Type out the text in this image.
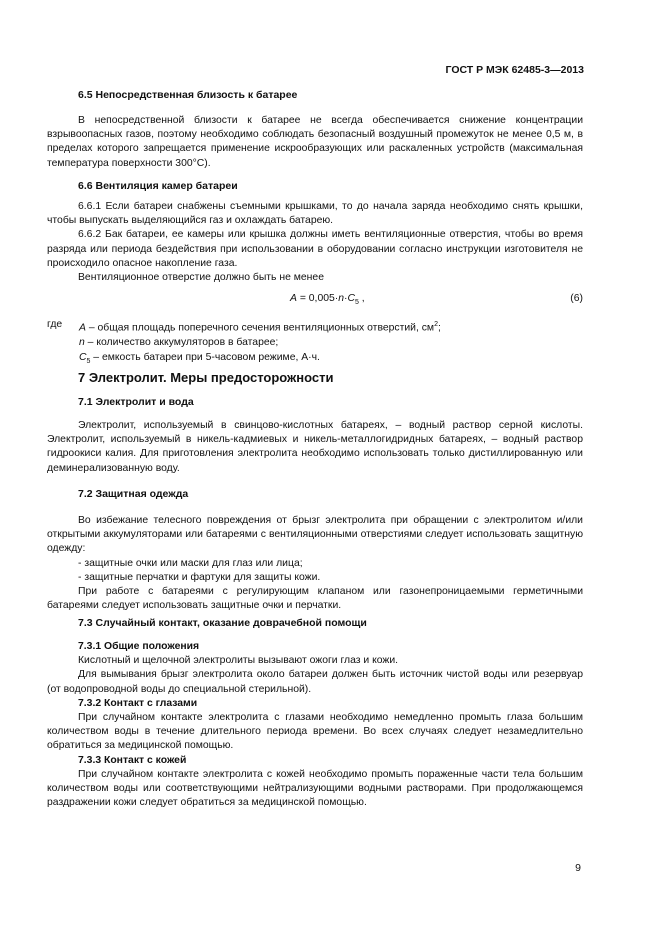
ГОСТ Р МЭК 62485-3—2013
6.5 Непосредственная близость к батарее

В непосредственной близости к батарее не всегда обеспечивается снижение концентрации взрывоопасных газов, поэтому необходимо соблюдать безопасный воздушный промежуток не менее 0,5 м, в пределах которого запрещается применение искрообразующих или раскаленных устройств (максимальная температура поверхности 300°C).

6.6 Вентиляция камер батареи

6.6.1 Если батареи снабжены съемными крышками, то до начала заряда необходимо снять крышки, чтобы выпускать выделяющийся газ и охлаждать батарею.

6.6.2 Бак батареи, ее камеры или крышка должны иметь вентиляционные отверстия, чтобы во время разряда или периода бездействия при использовании в оборудовании согласно инструкции изготовителя не происходило опасное накопление газа.

Вентиляционное отверстие должно быть не менее

$A = 0,005\cdot n\cdot C_5$ ,	(6)
где	A – общая площадь поперечного сечения вентиляционных отверстий, $см^2$;
n – количество аккумуляторов в батарее;
$C_5$ – емкость батареи при 5-часовом режиме, А·ч.
7 Электролит. Меры предосторожности
7.1 Электролит и вода

Электролит, используемый в свинцово-кислотных батареях, – водный раствор серной кислоты. Электролит, используемый в никель-кадмиевых и никель-металлогидридных батареях, – водный раствор гидроокиси калия. Для приготовления электролита необходимо использовать только дистиллированную или деминерализованную воду.

7.2 Защитная одежда

Во избежание телесного повреждения от брызг электролита при обращении с электролитом и/или открытыми аккумуляторами или батареями с вентиляционными отверстиями следует использовать защитную одежду:

- защитные очки или маски для глаз или лица;

- защитные перчатки и фартуки для защиты кожи.

При работе с батареями с регулирующим клапаном или газонепроницаемыми герметичными батареями следует использовать защитные очки и перчатки.

7.3 Случайный контакт, оказание доврачебной помощи

7.3.1 Общие положения

Кислотный и щелочной электролиты вызывают ожоги глаз и кожи.

Для вымывания брызг электролита около батареи должен быть источник чистой воды или резервуар (от водопроводной воды до специальной стерильной).

7.3.2 Контакт с глазами

При случайном контакте электролита с глазами необходимо немедленно промыть глаза большим количеством воды в течение длительного периода времени. Во всех случаях следует незамедлительно обратиться за медицинской помощью.

7.3.3 Контакт с кожей

При случайном контакте электролита с кожей необходимо промыть пораженные части тела большим количеством воды или соответствующими нейтрализующими водными растворами. При продолжающемся раздражении кожи следует обратиться за медицинской помощью.

9
